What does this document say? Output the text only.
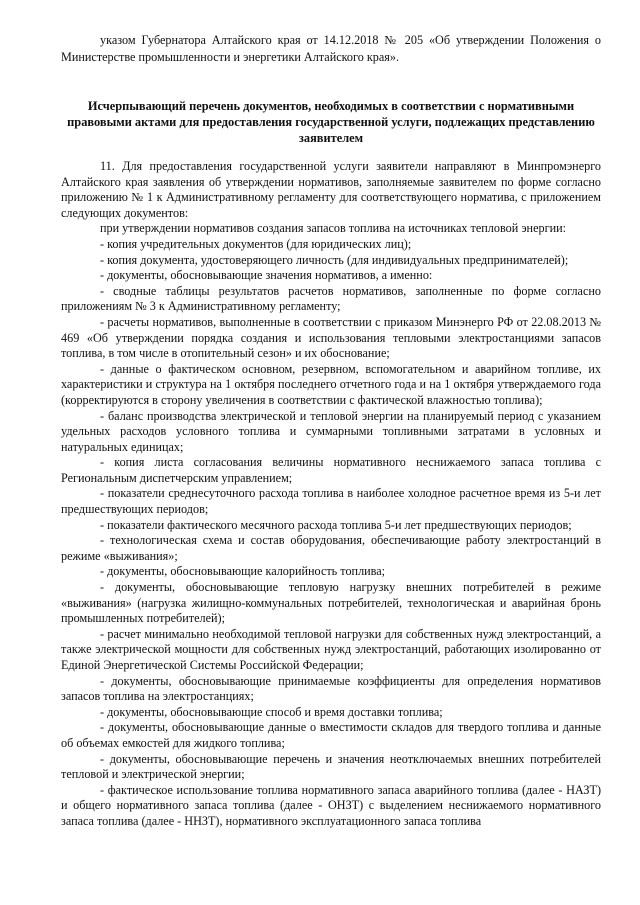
указом Губернатора Алтайского края от 14.12.2018 № 205 «Об утверждении Положения о Министерстве промышленности и энергетики Алтайского края».
Исчерпывающий перечень документов, необходимых в соответствии с нормативными правовыми актами для предоставления государственной услуги, подлежащих представлению заявителем

11. Для предоставления государственной услуги заявители направляют в Минпромэнерго Алтайского края заявления об утверждении нормативов, заполняемые заявителем по форме согласно приложению № 1 к Административному регламенту для соответствующего норматива, с приложением следующих документов:

при утверждении нормативов создания запасов топлива на источниках тепловой энергии:

- копия учредительных документов (для юридических лиц);

- копия документа, удостоверяющего личность (для индивидуальных предпринимателей);

- документы, обосновывающие значения нормативов, а именно:

- сводные таблицы результатов расчетов нормативов, заполненные по форме согласно приложениям № 3 к Административному регламенту;

- расчеты нормативов, выполненные в соответствии с приказом Минэнерго РФ от 22.08.2013 № 469 «Об утверждении порядка создания и использования тепловыми электростанциями запасов топлива, в том числе в отопительный сезон» и их обоснование;

- данные о фактическом основном, резервном, вспомогательном и аварийном топливе, их характеристики и структура на 1 октября последнего отчетного года и на 1 октября утверждаемого года (корректируются в сторону увеличения в соответствии с фактической влажностью топлива);

- баланс производства электрической и тепловой энергии на планируемый период с указанием удельных расходов условного топлива и суммарными топливными затратами в условных и натуральных единицах;

- копия листа согласования величины нормативного неснижаемого запаса топлива с Региональным диспетчерским управлением;

- показатели среднесуточного расхода топлива в наиболее холодное расчетное время из 5-и лет предшествующих периодов;

- показатели фактического месячного расхода топлива 5-и лет предшествующих периодов;

- технологическая схема и состав оборудования, обеспечивающие работу электростанций в режиме «выживания»;

- документы, обосновывающие калорийность топлива;

- документы, обосновывающие тепловую нагрузку внешних потребителей в режиме «выживания» (нагрузка жилищно-коммунальных потребителей, технологическая и аварийная бронь промышленных потребителей);

- расчет минимально необходимой тепловой нагрузки для собственных нужд электростанций, а также электрической мощности для собственных нужд электростанций, работающих изолированно от Единой Энергетической Системы Российской Федерации;

- документы, обосновывающие принимаемые коэффициенты для определения нормативов запасов топлива на электростанциях;

- документы, обосновывающие способ и время доставки топлива;

- документы, обосновывающие данные о вместимости складов для твердого топлива и данные об объемах емкостей для жидкого топлива;

- документы, обосновывающие перечень и значения неотключаемых внешних потребителей тепловой и электрической энергии;

- фактическое использование топлива нормативного запаса аварийного топлива (далее - НАЗТ) и общего нормативного запаса топлива (далее - ОНЗТ) с выделением неснижаемого нормативного запаса топлива (далее - ННЗТ), нормативного эксплуатационного запаса топлива
